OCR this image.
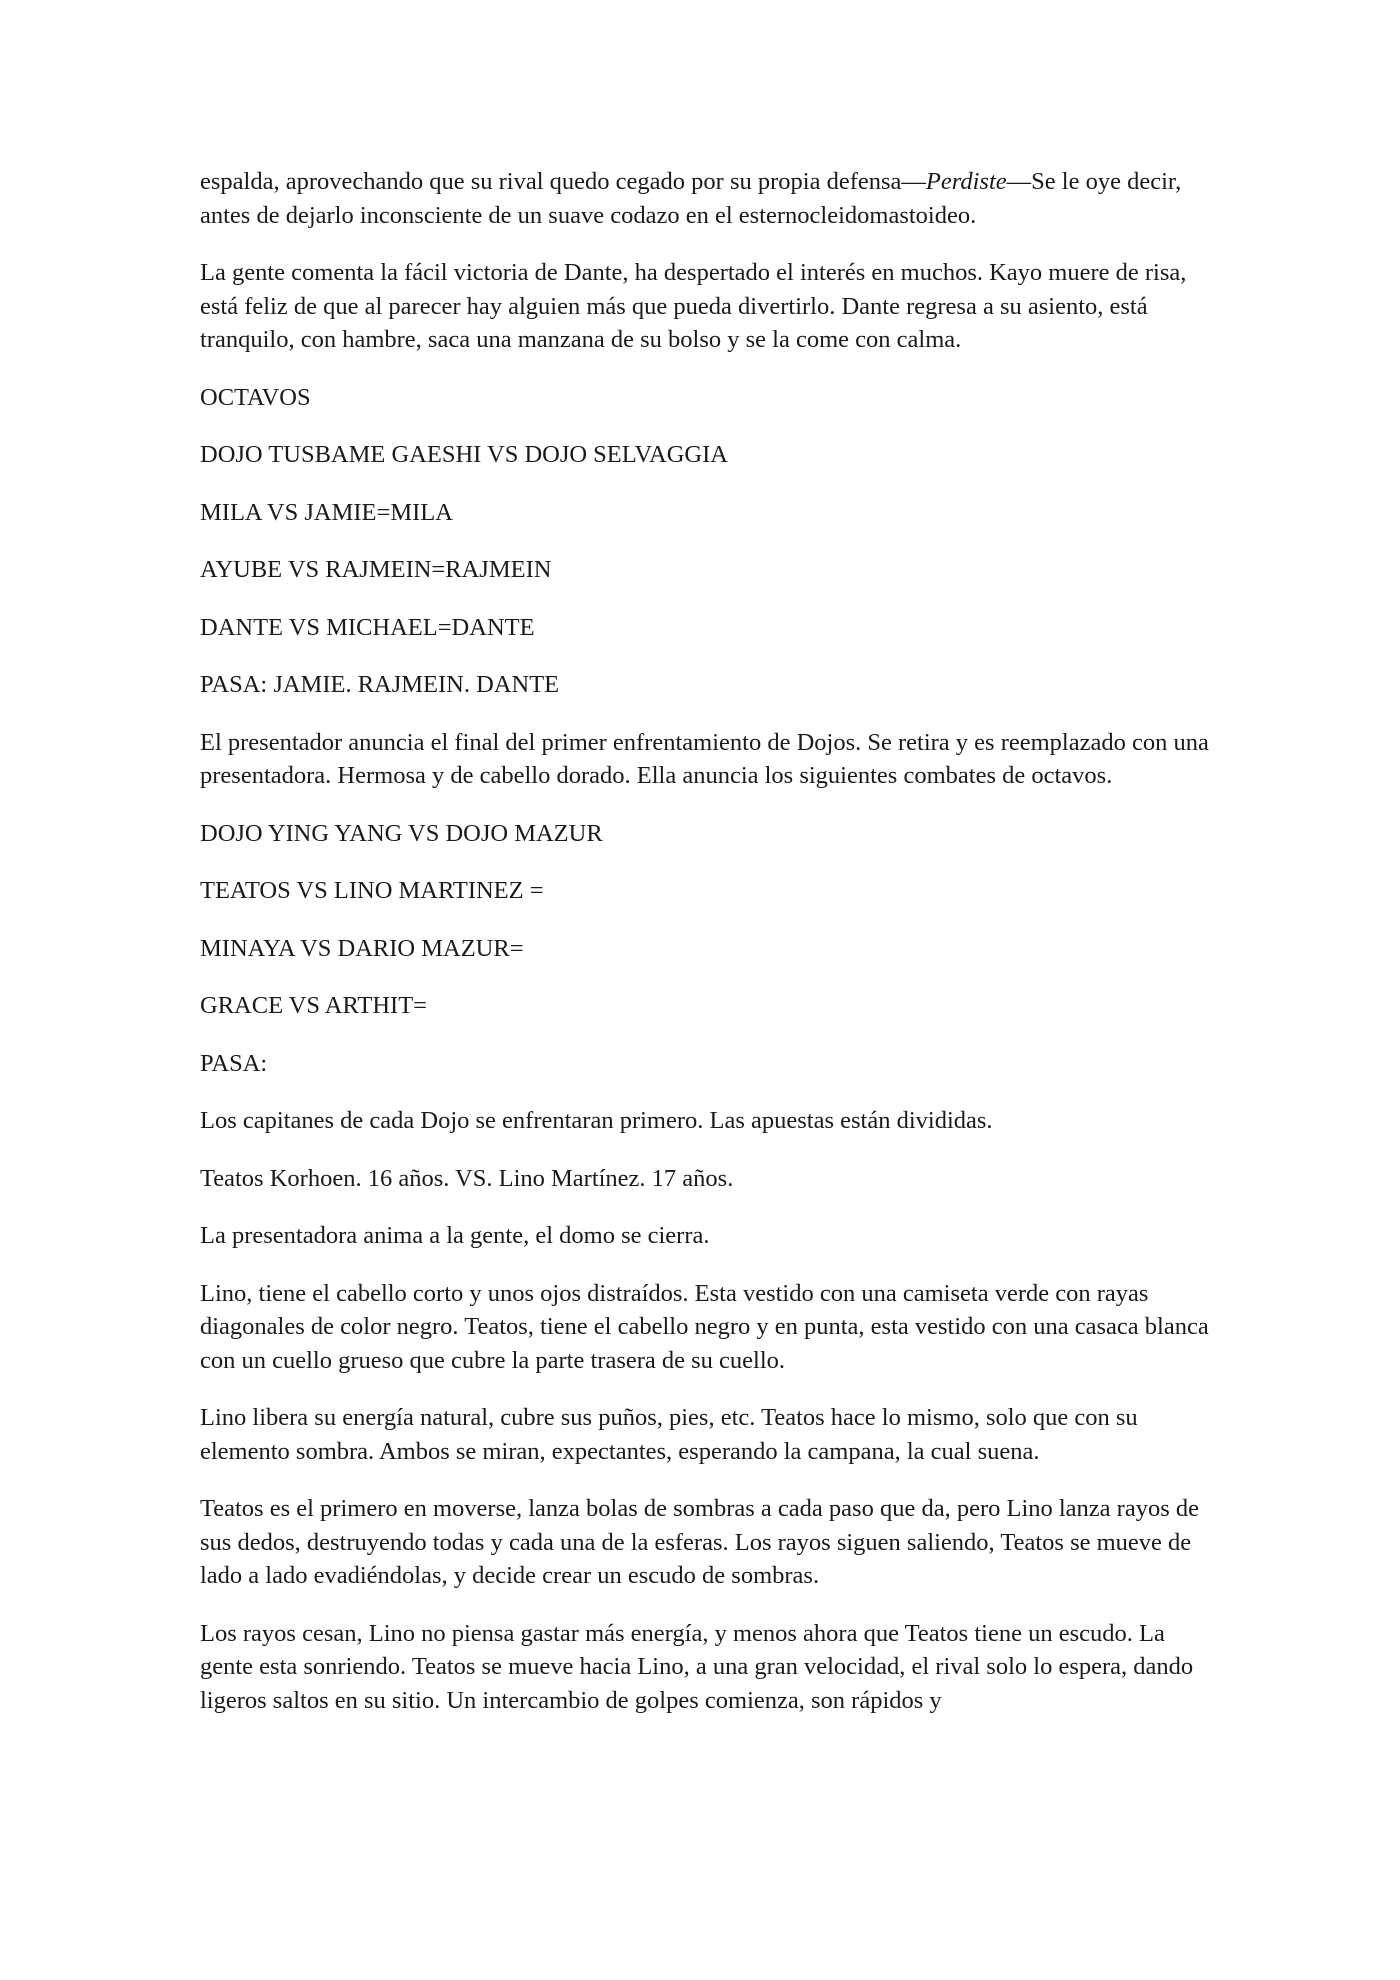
espalda, aprovechando que su rival quedo cegado por su propia defensa—Perdiste—Se le oye decir, antes de dejarlo inconsciente de un suave codazo en el esternocleidomastoideo.

La gente comenta la fácil victoria de Dante, ha despertado el interés en muchos. Kayo muere de risa, está feliz de que al parecer hay alguien más que pueda divertirlo. Dante regresa a su asiento, está tranquilo, con hambre, saca una manzana de su bolso y se la come con calma.

OCTAVOS

DOJO TUSBAME GAESHI VS DOJO SELVAGGIA

MILA VS JAMIE=MILA

AYUBE VS RAJMEIN=RAJMEIN

DANTE VS MICHAEL=DANTE

PASA: JAMIE. RAJMEIN. DANTE

El presentador anuncia el final del primer enfrentamiento de Dojos. Se retira y es reemplazado con una presentadora. Hermosa y de cabello dorado. Ella anuncia los siguientes combates de octavos.

DOJO YING YANG VS DOJO MAZUR

TEATOS VS LINO MARTINEZ =

MINAYA VS DARIO MAZUR=

GRACE VS ARTHIT=

PASA:

Los capitanes de cada Dojo se enfrentaran primero. Las apuestas están divididas.

Teatos Korhoen. 16 años. VS. Lino Martínez. 17 años.

La presentadora anima a la gente, el domo se cierra.

Lino, tiene el cabello corto y unos ojos distraídos. Esta vestido con una camiseta verde con rayas diagonales de color negro. Teatos, tiene el cabello negro y en punta, esta vestido con una casaca blanca con un cuello grueso que cubre la parte trasera de su cuello.

Lino libera su energía natural, cubre sus puños, pies, etc. Teatos hace lo mismo, solo que con su elemento sombra. Ambos se miran, expectantes, esperando la campana, la cual suena.

Teatos es el primero en moverse, lanza bolas de sombras a cada paso que da, pero Lino lanza rayos de sus dedos, destruyendo todas y cada una de la esferas. Los rayos siguen saliendo, Teatos se mueve de lado a lado evadiéndolas, y decide crear un escudo de sombras.

Los rayos cesan, Lino no piensa gastar más energía, y menos ahora que Teatos tiene un escudo. La gente esta sonriendo. Teatos se mueve hacia Lino, a una gran velocidad, el rival solo lo espera, dando ligeros saltos en su sitio. Un intercambio de golpes comienza, son rápidos y
